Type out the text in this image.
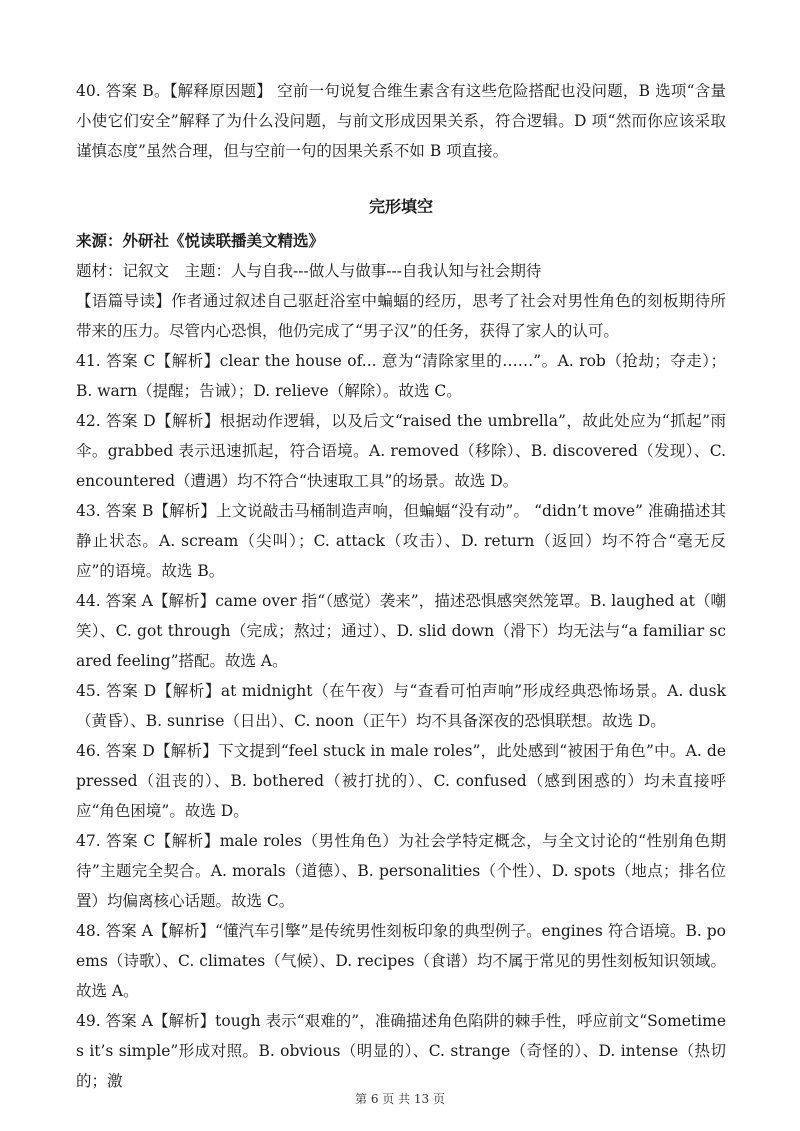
40. 答案 B。【解释原因题】 空前一句说复合维生素含有这些危险搭配也没问题，B 选项“含量小使它们安全”解释了为什么没问题，与前文形成因果关系，符合逻辑。D 项“然而你应该采取谨慎态度”虽然合理，但与空前一句的因果关系不如 B 项直接。

完形填空

来源：外研社《悦读联播美文精选》

题材：记叙文　主题：人与自我---做人与做事---自我认知与社会期待

【语篇导读】作者通过叙述自己驱赶浴室中蝙蝠的经历，思考了社会对男性角色的刻板期待所带来的压力。尽管内心恐惧，他仍完成了“男子汉”的任务，获得了家人的认可。

41. 答案 C【解析】clear the house of... 意为“清除家里的……”。A. rob（抢劫；夺走）；B. warn（提醒；告诫）；D. relieve（解除）。故选 C。

42. 答案 D【解析】根据动作逻辑，以及后文“raised the umbrella”，故此处应为“抓起”雨伞。grabbed 表示迅速抓起，符合语境。A. removed（移除）、B. discovered（发现）、C. encountered（遭遇）均不符合“快速取工具”的场景。故选 D。

43. 答案 B【解析】上文说敲击马桶制造声响，但蝙蝠“没有动”。 “didn’t move” 准确描述其静止状态。A. scream（尖叫）；C. attack（攻击）、D. return（返回）均不符合“毫无反应”的语境。故选 B。

44. 答案 A【解析】came over 指“（感觉）袭来”，描述恐惧感突然笼罩。B. laughed at（嘲笑）、C. got through（完成；熬过；通过）、D. slid down（滑下）均无法与“a familiar scared feeling”搭配。故选 A。

45. 答案 D【解析】at midnight（在午夜）与“查看可怕声响”形成经典恐怖场景。A. dusk（黄昏）、B. sunrise（日出）、C. noon（正午）均不具备深夜的恐惧联想。故选 D。

46. 答案 D【解析】下文提到“feel stuck in male roles”，此处感到“被困于角色”中。A. depressed（沮丧的）、B. bothered（被打扰的）、C. confused（感到困惑的）均未直接呼应“角色困境”。故选 D。

47. 答案 C【解析】male roles（男性角色）为社会学特定概念，与全文讨论的“性别角色期待”主题完全契合。A. morals（道德）、B. personalities（个性）、D. spots（地点；排名位置）均偏离核心话题。故选 C。

48. 答案 A【解析】“懂汽车引擎”是传统男性刻板印象的典型例子。engines 符合语境。B. poems（诗歌）、C. climates（气候）、D. recipes（食谱）均不属于常见的男性刻板知识领域。故选 A。

49. 答案 A【解析】tough 表示“艰难的”，准确描述角色陷阱的棘手性，呼应前文“Sometimes it’s simple”形成对照。B. obvious（明显的）、C. strange（奇怪的）、D. intense（热切的；激

第 6 页 共 13 页
